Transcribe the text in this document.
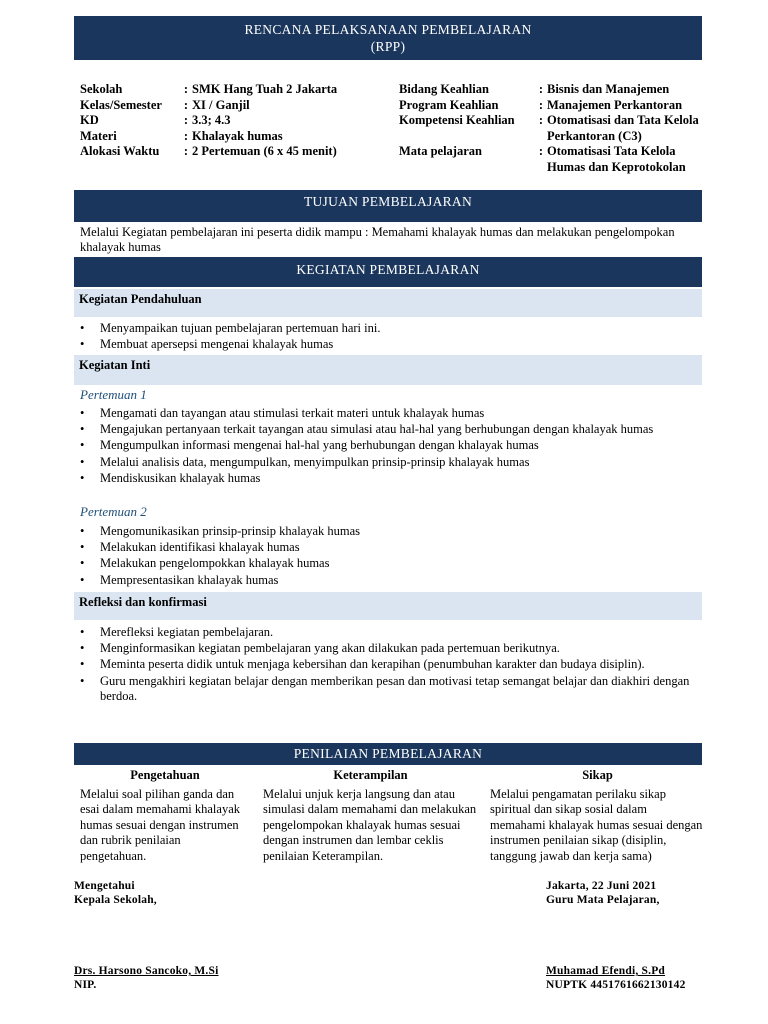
RENCANA PELAKSANAAN PEMBELAJARAN
(RPP)
Sekolah	: SMK Hang Tuah 2 Jakarta
Kelas/Semester	: XI / Ganjil
KD	: 3.3; 4.3
Materi	: Khalayak humas
Alokasi Waktu	: 2 Pertemuan (6 x 45 menit)
Bidang Keahlian	: Bisnis dan Manajemen
Program Keahlian	: Manajemen Perkantoran
Kompetensi Keahlian	: Otomatisasi dan Tata Kelola Perkantoran (C3)
Mata pelajaran	: Otomatisasi Tata Kelola Humas dan Keprotokolan
TUJUAN PEMBELAJARAN
Melalui Kegiatan pembelajaran ini peserta didik mampu : Memahami khalayak humas dan melakukan pengelompokan khalayak humas
KEGIATAN PEMBELAJARAN
Kegiatan Pendahuluan
• Menyampaikan tujuan pembelajaran pertemuan hari ini.
• Membuat apersepsi mengenai khalayak humas
Kegiatan Inti
Pertemuan 1
• Mengamati dan tayangan atau stimulasi terkait materi untuk khalayak humas
• Mengajukan pertanyaan terkait tayangan atau simulasi atau hal-hal yang berhubungan dengan khalayak humas
• Mengumpulkan informasi mengenai hal-hal yang berhubungan dengan khalayak humas
• Melalui analisis data, mengumpulkan, menyimpulkan prinsip-prinsip khalayak humas
• Mendiskusikan khalayak humas
Pertemuan 2
• Mengomunikasikan prinsip-prinsip khalayak humas
• Melakukan identifikasi khalayak humas
• Melakukan pengelompokkan khalayak humas
• Mempresentasikan khalayak humas
Refleksi dan konfirmasi
• Merefleksi kegiatan pembelajaran.
• Menginformasikan kegiatan pembelajaran yang akan dilakukan pada pertemuan berikutnya.
• Meminta peserta didik untuk menjaga kebersihan dan kerapihan (penumbuhan karakter dan budaya disiplin).
• Guru mengakhiri kegiatan belajar dengan memberikan pesan dan motivasi tetap semangat belajar dan diakhiri dengan berdoa.
PENILAIAN PEMBELAJARAN
Pengetahuan
Melalui soal pilihan ganda dan esai dalam memahami khalayak humas sesuai dengan instrumen dan rubrik penilaian pengetahuan.
Keterampilan
Melalui unjuk kerja langsung dan atau simulasi dalam memahami dan melakukan pengelompokan khalayak humas sesuai dengan instrumen dan lembar ceklis penilaian Keterampilan.
Sikap
Melalui pengamatan perilaku sikap spiritual dan sikap sosial dalam memahami khalayak humas sesuai dengan instrumen penilaian sikap (disiplin, tanggung jawab dan kerja sama)
Mengetahui
Kepala Sekolah,
Jakarta, 22 Juni 2021
Guru Mata Pelajaran,
Drs. Harsono Sancoko, M.Si
NIP.
Muhamad Efendi, S.Pd
NUPTK 4451761662130142
